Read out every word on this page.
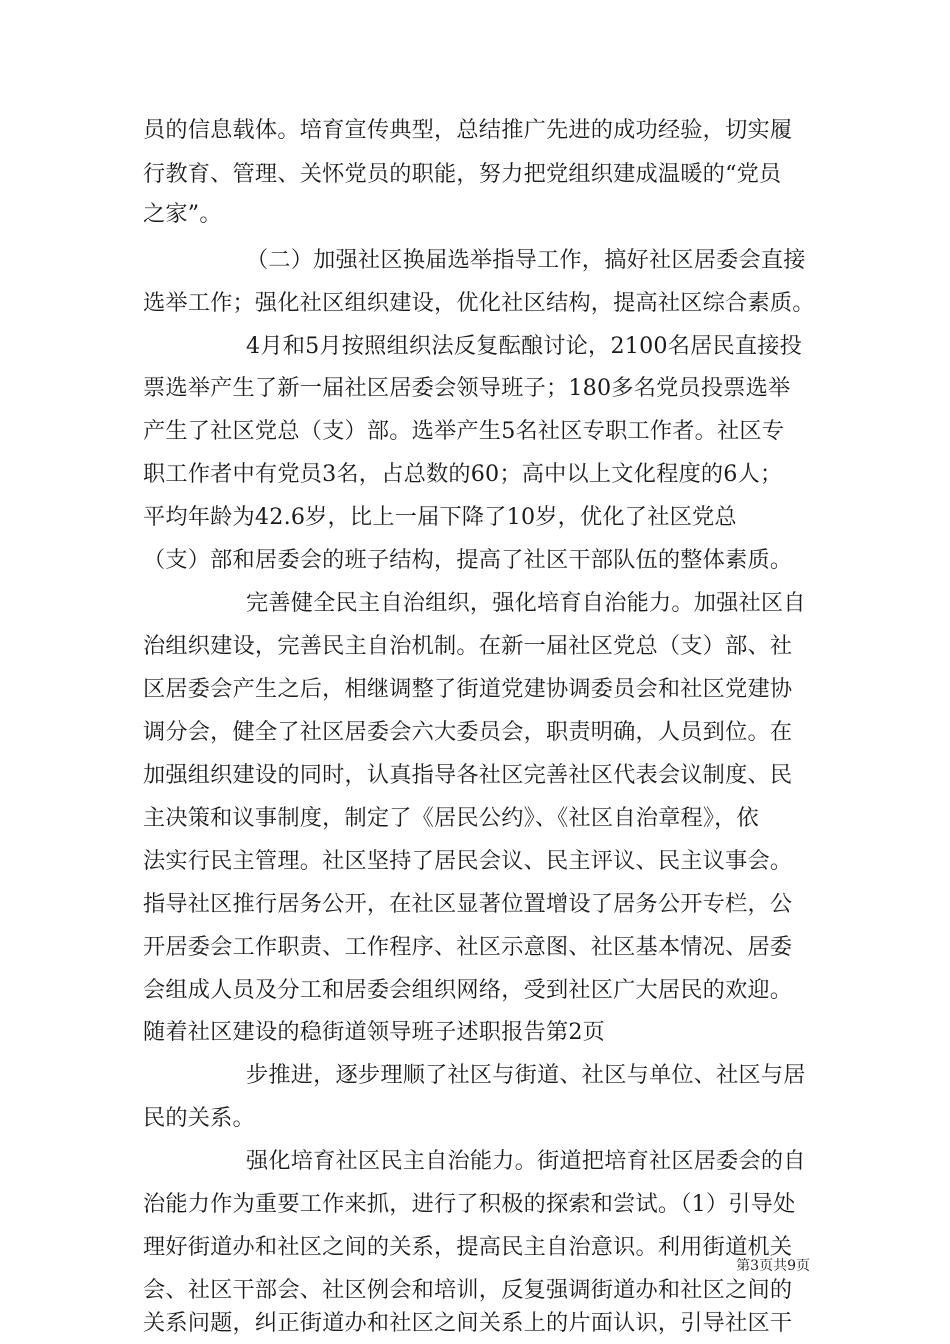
员的信息载体。培育宣传典型，总结推广先进的成功经验，切实履
行教育、管理、关怀党员的职能，努力把党组织建成温暖的“党员
之家”。
（二）加强社区换届选举指导工作，搞好社区居委会直接
选举工作；强化社区组织建设，优化社区结构，提高社区综合素质。
4月和5月按照组织法反复酝酿讨论，2100名居民直接投
票选举产生了新一届社区居委会领导班子；180多名党员投票选举
产生了社区党总（支）部。选举产生5名社区专职工作者。社区专
职工作者中有党员3名，占总数的60；高中以上文化程度的6人；
平均年龄为42.6岁，比上一届下降了10岁，优化了社区党总
（支）部和居委会的班子结构，提高了社区干部队伍的整体素质。
完善健全民主自治组织，强化培育自治能力。加强社区自
治组织建设，完善民主自治机制。在新一届社区党总（支）部、社
区居委会产生之后，相继调整了街道党建协调委员会和社区党建协
调分会，健全了社区居委会六大委员会，职责明确，人员到位。在
加强组织建设的同时，认真指导各社区完善社区代表会议制度、民
主决策和议事制度，制定了《居民公约》、《社区自治章程》，依
法实行民主管理。社区坚持了居民会议、民主评议、民主议事会。
指导社区推行居务公开，在社区显著位置增设了居务公开专栏，公
开居委会工作职责、工作程序、社区示意图、社区基本情况、居委
会组成人员及分工和居委会组织网络，受到社区广大居民的欢迎。
随着社区建设的稳街道领导班子述职报告第2页
步推进，逐步理顺了社区与街道、社区与单位、社区与居
民的关系。
强化培育社区民主自治能力。街道把培育社区居委会的自
治能力作为重要工作来抓，进行了积极的探索和尝试。（1）引导处
理好街道办和社区之间的关系，提高民主自治意识。利用街道机关
会、社区干部会、社区例会和培训，反复强调街道办和社区之间的
关系问题，纠正街道办和社区之间关系上的片面认识，引导社区干
第3页共9页
